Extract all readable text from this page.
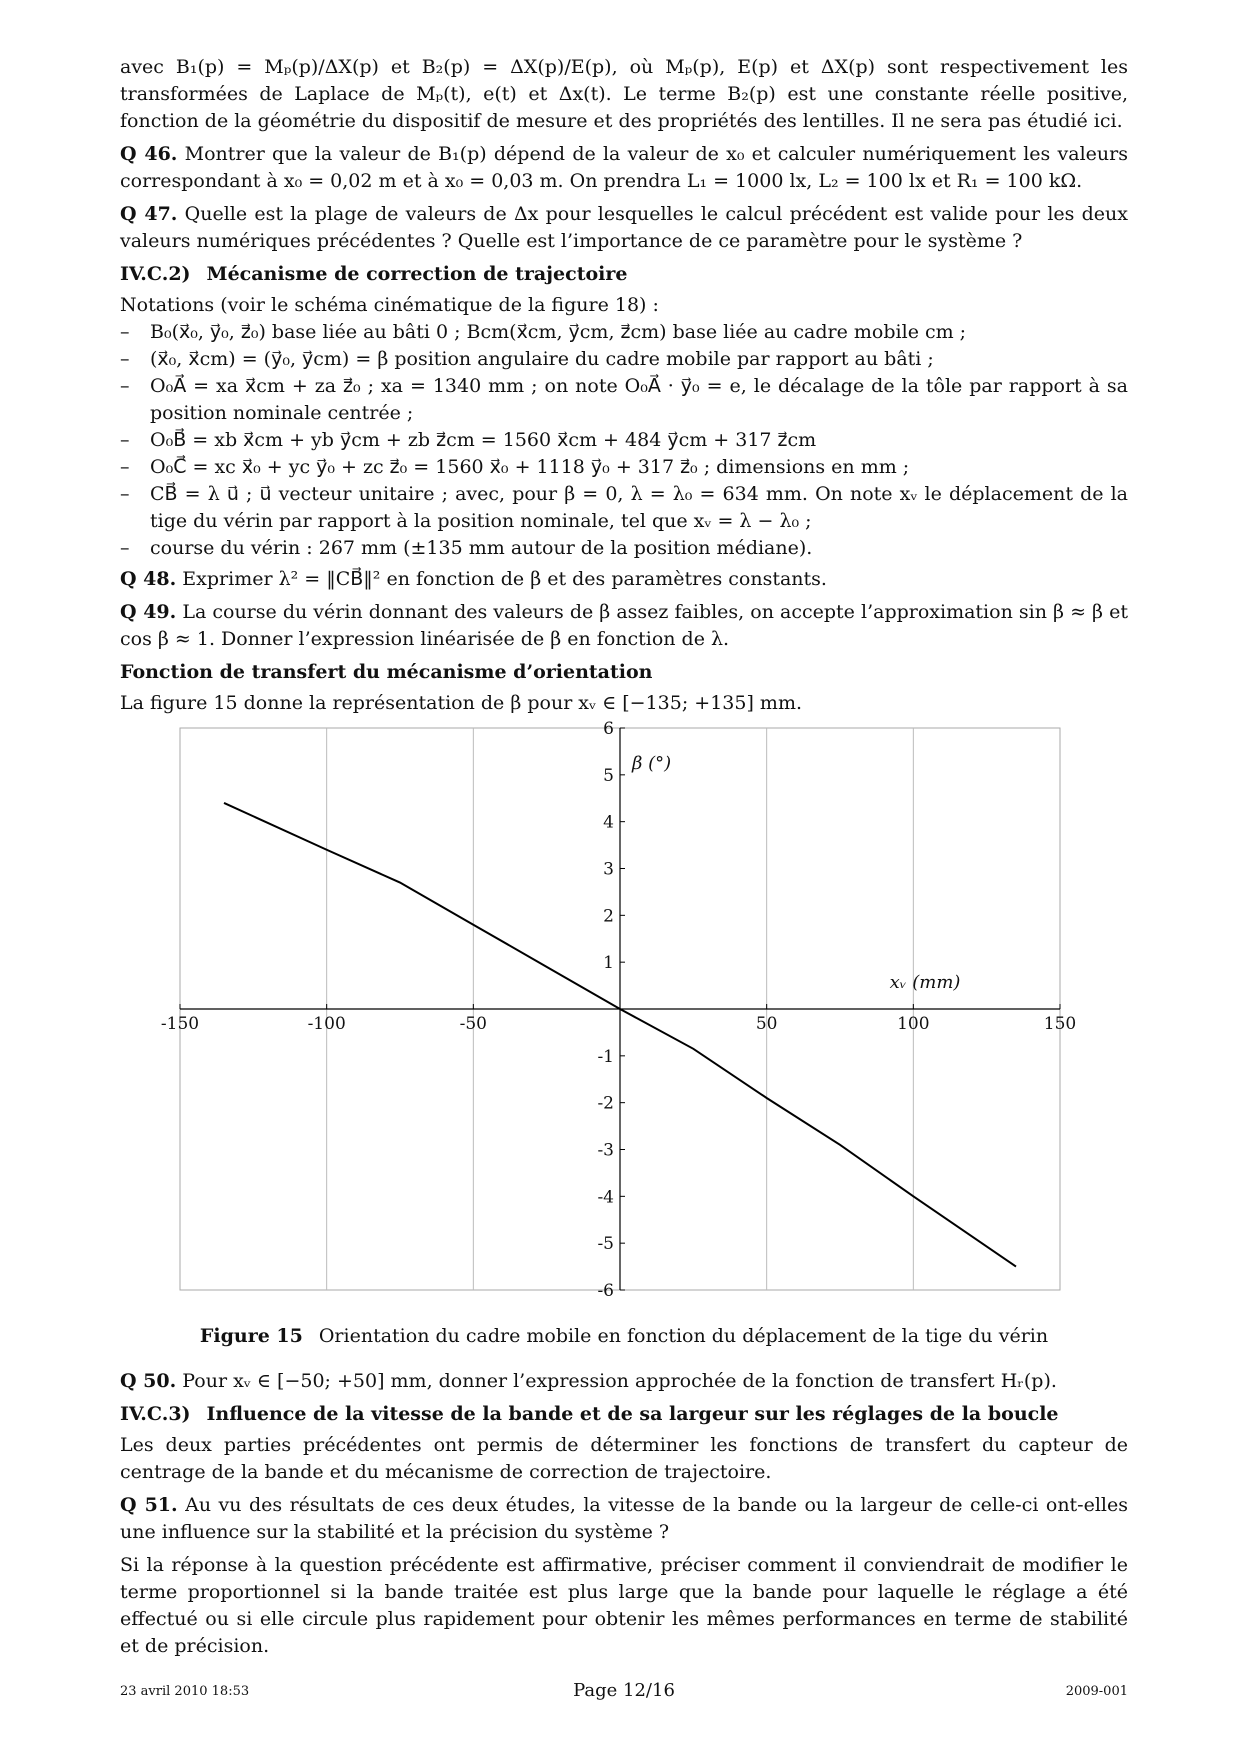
avec B₁(p) = Mₚ(p)/ΔX(p) et B₂(p) = ΔX(p)/E(p), où Mₚ(p), E(p) et ΔX(p) sont respectivement les transformées de Laplace de Mₚ(t), e(t) et Δx(t). Le terme B₂(p) est une constante réelle positive, fonction de la géométrie du dispositif de mesure et des propriétés des lentilles. Il ne sera pas étudié ici.

Q 46. Montrer que la valeur de B₁(p) dépend de la valeur de x₀ et calculer numériquement les valeurs correspondant à x₀ = 0,02 m et à x₀ = 0,03 m. On prendra L₁ = 1000 lx, L₂ = 100 lx et R₁ = 100 kΩ.

Q 47. Quelle est la plage de valeurs de Δx pour lesquelles le calcul précédent est valide pour les deux valeurs numériques précédentes ? Quelle est l’importance de ce paramètre pour le système ?

IV.C.2) Mécanisme de correction de trajectoire
Notations (voir le schéma cinématique de la figure 18) :
– B₀(x⃗₀, y⃗₀, z⃗₀) base liée au bâti 0 ; Bcm(x⃗cm, y⃗cm, z⃗cm) base liée au cadre mobile cm ;
– (x⃗₀, x⃗cm) = (y⃗₀, y⃗cm) = β position angulaire du cadre mobile par rapport au bâti ;
– O₀A⃗ = xa x⃗cm + za z⃗₀ ; xa = 1340 mm ; on note O₀A⃗ · y⃗₀ = e, le décalage de la tôle par rapport à sa position nominale centrée ;
– O₀B⃗ = xb x⃗cm + yb y⃗cm + zb z⃗cm = 1560 x⃗cm + 484 y⃗cm + 317 z⃗cm
– O₀C⃗ = xc x⃗₀ + yc y⃗₀ + zc z⃗₀ = 1560 x⃗₀ + 1118 y⃗₀ + 317 z⃗₀ ; dimensions en mm ;
– CB⃗ = λ u⃗ ; u⃗ vecteur unitaire ; avec, pour β = 0, λ = λ₀ = 634 mm. On note xᵥ le déplacement de la tige du vérin par rapport à la position nominale, tel que xᵥ = λ − λ₀ ;
– course du vérin : 267 mm (±135 mm autour de la position médiane).

Q 48. Exprimer λ² = ‖CB⃗‖² en fonction de β et des paramètres constants.

Q 49. La course du vérin donnant des valeurs de β assez faibles, on accepte l’approximation sin β ≈ β et cos β ≈ 1. Donner l’expression linéarisée de β en fonction de λ.

Fonction de transfert du mécanisme d’orientation

La figure 15 donne la représentation de β pour xᵥ ∈ [−135; +135] mm.

-150	-100	-50	50	100	150
6
5
4
3
2
1
-1
-2
-3
-4
-5
-6
β (°)
xᵥ (mm)
Figure 15 Orientation du cadre mobile en fonction du déplacement de la tige du vérin

Q 50. Pour xᵥ ∈ [−50; +50] mm, donner l’expression approchée de la fonction de transfert Hᵣ(p).

IV.C.3) Influence de la vitesse de la bande et de sa largeur sur les réglages de la boucle

Les deux parties précédentes ont permis de déterminer les fonctions de transfert du capteur de centrage de la bande et du mécanisme de correction de trajectoire.

Q 51. Au vu des résultats de ces deux études, la vitesse de la bande ou la largeur de celle-ci ont-elles une influence sur la stabilité et la précision du système ?

Si la réponse à la question précédente est affirmative, préciser comment il conviendrait de modifier le terme proportionnel si la bande traitée est plus large que la bande pour laquelle le réglage a été effectué ou si elle circule plus rapidement pour obtenir les mêmes performances en terme de stabilité et de précision.

23 avril 2010 18:53	Page 12/16	2009-001
